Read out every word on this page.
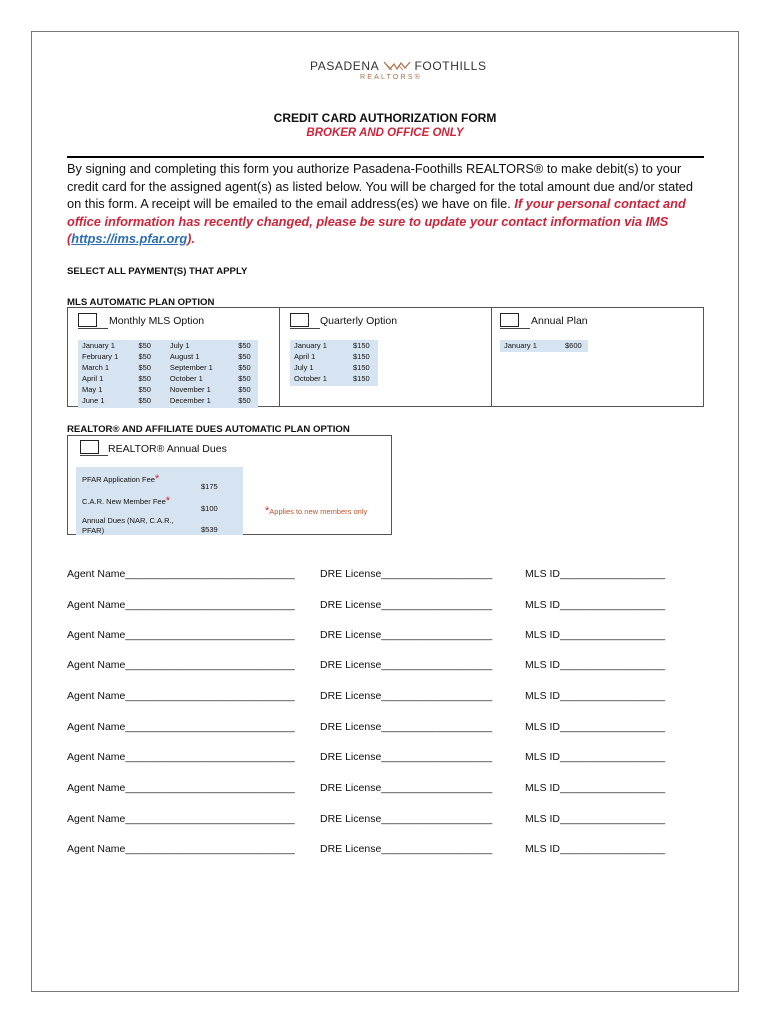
PASADENA	FOOTHILLS
REALTORS®
CREDIT CARD AUTHORIZATION FORM
BROKER AND OFFICE ONLY
By signing and completing this form you authorize Pasadena-Foothills REALTORS® to make debit(s) to your credit card for the assigned agent(s) as listed below. You will be charged for the total amount due and/or stated on this form. A receipt will be emailed to the email address(es) we have on file. If your personal contact and office information has recently changed, please be sure to update your contact information via IMS (https://ims.pfar.org).
SELECT ALL PAYMENT(S) THAT APPLY
MLS AUTOMATIC PLAN OPTION
Monthly MLS Option
January 1	$50	July 1	$50
February 1	$50	August 1	$50
March 1	$50	September 1	$50
April 1	$50	October 1	$50
May 1	$50	November 1	$50
June 1	$50	December 1	$50
Quarterly Option
January 1	$150
April 1	$150
July 1	$150
October 1	$150
Annual Plan
January 1	$600
REALTOR® AND AFFILIATE DUES AUTOMATIC PLAN OPTION
REALTOR® Annual Dues
PFAR Application Fee*
$175
C.A.R. New Member Fee*
$100
Annual Dues (NAR, C.A.R.,
PFAR)	$539
*Applies to new members only
Agent Name_____________________________ DRE License___________________	MLS ID__________________
Agent Name_____________________________ DRE License___________________	MLS ID__________________
Agent Name_____________________________ DRE License___________________	MLS ID__________________
Agent Name_____________________________ DRE License___________________	MLS ID__________________
Agent Name_____________________________ DRE License___________________	MLS ID__________________
Agent Name_____________________________ DRE License___________________	MLS ID__________________
Agent Name_____________________________ DRE License___________________	MLS ID__________________
Agent Name_____________________________ DRE License___________________	MLS ID__________________
Agent Name_____________________________ DRE License___________________	MLS ID__________________
Agent Name_____________________________ DRE License___________________	MLS ID__________________
